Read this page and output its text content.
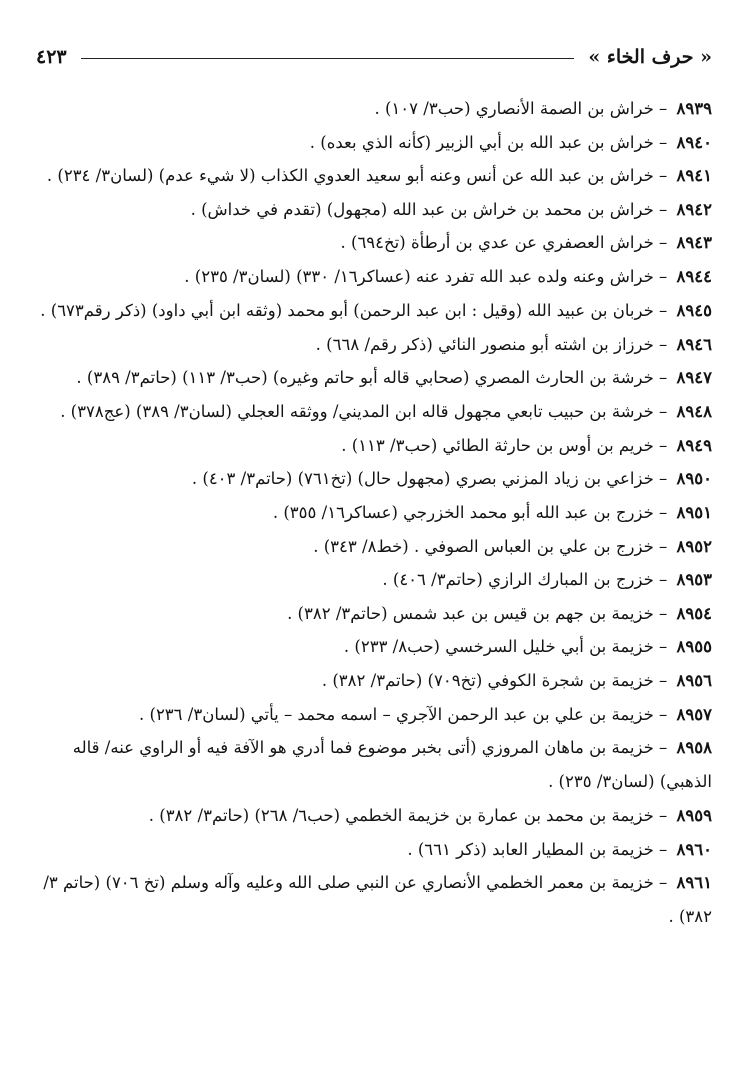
« حرف الخاء »
٤٢٣
٨٩٣٩ – خراش بن الصمة الأنصاري (حب٣/ ١٠٧) .
٨٩٤٠ – خراش بن عبد الله بن أبي الزبير (كأنه الذي بعده) .
٨٩٤١ – خراش بن عبد الله عن أنس وعنه أبو سعيد العدوي الكذاب (لا شيء عدم) (لسان٣/ ٢٣٤) .
٨٩٤٢ – خراش بن محمد بن خراش بن عبد الله (مجهول) (تقدم في خداش) .
٨٩٤٣ – خراش العصفري عن عدي بن أرطأة (تخ٦٩٤) .
٨٩٤٤ – خراش وعنه ولده عبد الله تفرد عنه (عساكر١٦/ ٣٣٠) (لسان٣/ ٢٣٥) .
٨٩٤٥ – خربان بن عبيد الله (وقيل : ابن عبد الرحمن) أبو محمد (وثقه ابن أبي داود) (ذكر رقم٦٧٣) .
٨٩٤٦ – خرزاز بن اشته أبو منصور النائي (ذكر رقم/ ٦٦٨) .
٨٩٤٧ – خرشة بن الحارث المصري (صحابي قاله أبو حاتم وغيره) (حب٣/ ١١٣) (حاتم٣/ ٣٨٩) .
٨٩٤٨ – خرشة بن حبيب تابعي مجهول قاله ابن المديني/ ووثقه العجلي (لسان٣/ ٣٨٩) (عج٣٧٨) .
٨٩٤٩ – خريم بن أوس بن حارثة الطائي (حب٣/ ١١٣) .
٨٩٥٠ – خزاعي بن زياد المزني بصري (مجهول حال) (تخ٧٦١) (حاتم٣/ ٤٠٣) .
٨٩٥١ – خزرج بن عبد الله أبو محمد الخزرجي (عساكر١٦/ ٣٥٥) .
٨٩٥٢ – خزرج بن علي بن العباس الصوفي . (خط٨/ ٣٤٣) .
٨٩٥٣ – خزرج بن المبارك الرازي (حاتم٣/ ٤٠٦) .
٨٩٥٤ – خزيمة بن جهم بن قيس بن عبد شمس (حاتم٣/ ٣٨٢) .
٨٩٥٥ – خزيمة بن أبي خليل السرخسي (حب٨/ ٢٣٣) .
٨٩٥٦ – خزيمة بن شجرة الكوفي (تخ٧٠٩) (حاتم٣/ ٣٨٢) .
٨٩٥٧ – خزيمة بن علي بن عبد الرحمن الآجري – اسمه محمد – يأتي (لسان٣/ ٢٣٦) .
٨٩٥٨ – خزيمة بن ماهان المروزي (أتى بخبر موضوع فما أدري هو الآفة فيه أو الراوي عنه/ قاله الذهبي) (لسان٣/ ٢٣٥) .
٨٩٥٩ – خزيمة بن محمد بن عمارة بن خزيمة الخطمي (حب٦/ ٢٦٨) (حاتم٣/ ٣٨٢) .
٨٩٦٠ – خزيمة بن المطيار العابد (ذكر ٦٦١) .
٨٩٦١ – خزيمة بن معمر الخطمي الأنصاري عن النبي صلى الله وعليه وآله وسلم (تخ ٧٠٦) (حاتم ٣/ ٣٨٢) .
